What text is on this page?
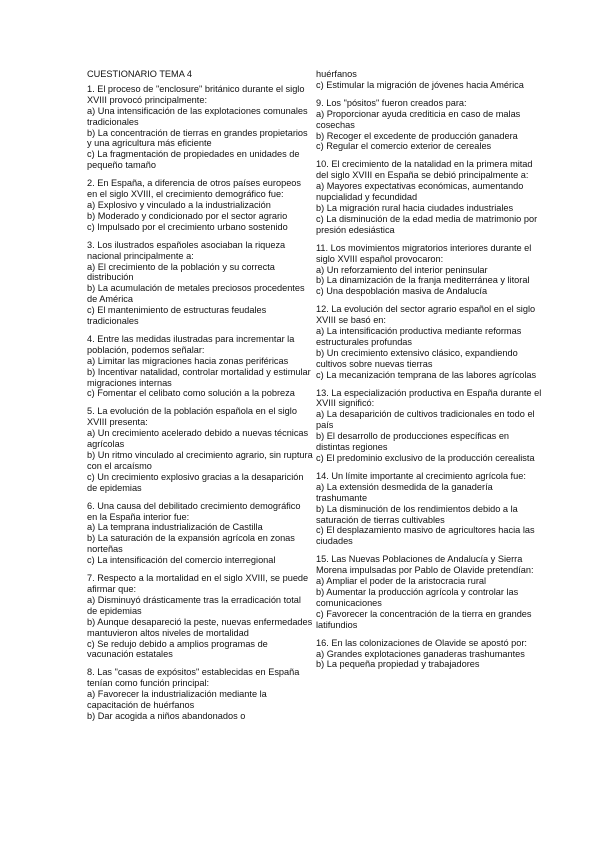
CUESTIONARIO TEMA 4

1. El proceso de "enclosure" británico durante el siglo XVIII provocó principalmente:

a) Una intensificación de las explotaciones comunales tradicionales

b) La concentración de tierras en grandes propietarios y una agricultura más eficiente

c) La fragmentación de propiedades en unidades de pequeño tamaño

2. En España, a diferencia de otros países europeos en el siglo XVIII, el crecimiento demográfico fue:

a) Explosivo y vinculado a la industrialización

b) Moderado y condicionado por el sector agrario

c) Impulsado por el crecimiento urbano sostenido

3. Los ilustrados españoles asociaban la riqueza nacional principalmente a:

a) El crecimiento de la población y su correcta distribución

b) La acumulación de metales preciosos procedentes de América

c) El mantenimiento de estructuras feudales tradicionales

4. Entre las medidas ilustradas para incrementar la población, podemos señalar:

a) Limitar las migraciones hacia zonas periféricas

b) Incentivar natalidad, controlar mortalidad y estimular migraciones internas

c) Fomentar el celibato como solución a la pobreza

5. La evolución de la población española en el siglo XVIII presenta:

a) Un crecimiento acelerado debido a nuevas técnicas agrícolas

b) Un ritmo vinculado al crecimiento agrario, sin ruptura con el arcaísmo

c) Un crecimiento explosivo gracias a la desaparición de epidemias

6. Una causa del debilitado crecimiento demográfico en la España interior fue:

a) La temprana industrialización de Castilla

b) La saturación de la expansión agrícola en zonas norteñas

c) La intensificación del comercio interregional

7. Respecto a la mortalidad en el siglo XVIII, se puede afirmar que:

a) Disminuyó drásticamente tras la erradicación total de epidemias

b) Aunque desapareció la peste, nuevas enfermedades mantuvieron altos niveles de mortalidad

c) Se redujo debido a amplios programas de vacunación estatales

8. Las "casas de expósitos" establecidas en España tenían como función principal:

a) Favorecer la industrialización mediante la capacitación de huérfanos

b) Dar acogida a niños abandonados o

huérfanos

c) Estimular la migración de jóvenes hacia América

9. Los "pósitos" fueron creados para:

a) Proporcionar ayuda crediticia en caso de malas cosechas

b) Recoger el excedente de producción ganadera

c) Regular el comercio exterior de cereales

10. El crecimiento de la natalidad en la primera mitad del siglo XVIII en España se debió principalmente a:

a) Mayores expectativas económicas, aumentando nupcialidad y fecundidad

b) La migración rural hacia ciudades industriales

c) La disminución de la edad media de matrimonio por presión edesiástica

11. Los movimientos migratorios interiores durante el siglo XVIII español provocaron:

a) Un reforzamiento del interior peninsular

b) La dinamización de la franja mediterránea y litoral

c) Una despoblación masiva de Andalucía

12. La evolución del sector agrario español en el siglo XVIII se basó en:

a) La intensificación productiva mediante reformas estructurales profundas

b) Un crecimiento extensivo clásico, expandiendo cultivos sobre nuevas tierras

c) La mecanización temprana de las labores agrícolas

13. La especialización productiva en España durante el XVIII significó:

a) La desaparición de cultivos tradicionales en todo el país

b) El desarrollo de producciones específicas en distintas regiones

c) El predominio exclusivo de la producción cerealista

14. Un límite importante al crecimiento agrícola fue:

a) La extensión desmedida de la ganadería trashumante

b) La disminución de los rendimientos debido a la saturación de tierras cultivables

c) El desplazamiento masivo de agricultores hacia las ciudades

15. Las Nuevas Poblaciones de Andalucía y Sierra Morena impulsadas por Pablo de Olavide pretendían:

a) Ampliar el poder de la aristocracia rural

b) Aumentar la producción agrícola y controlar las comunicaciones

c) Favorecer la concentración de la tierra en grandes latifundios

16. En las colonizaciones de Olavide se apostó por:

a) Grandes explotaciones ganaderas trashumantes

b) La pequeña propiedad y trabajadores
